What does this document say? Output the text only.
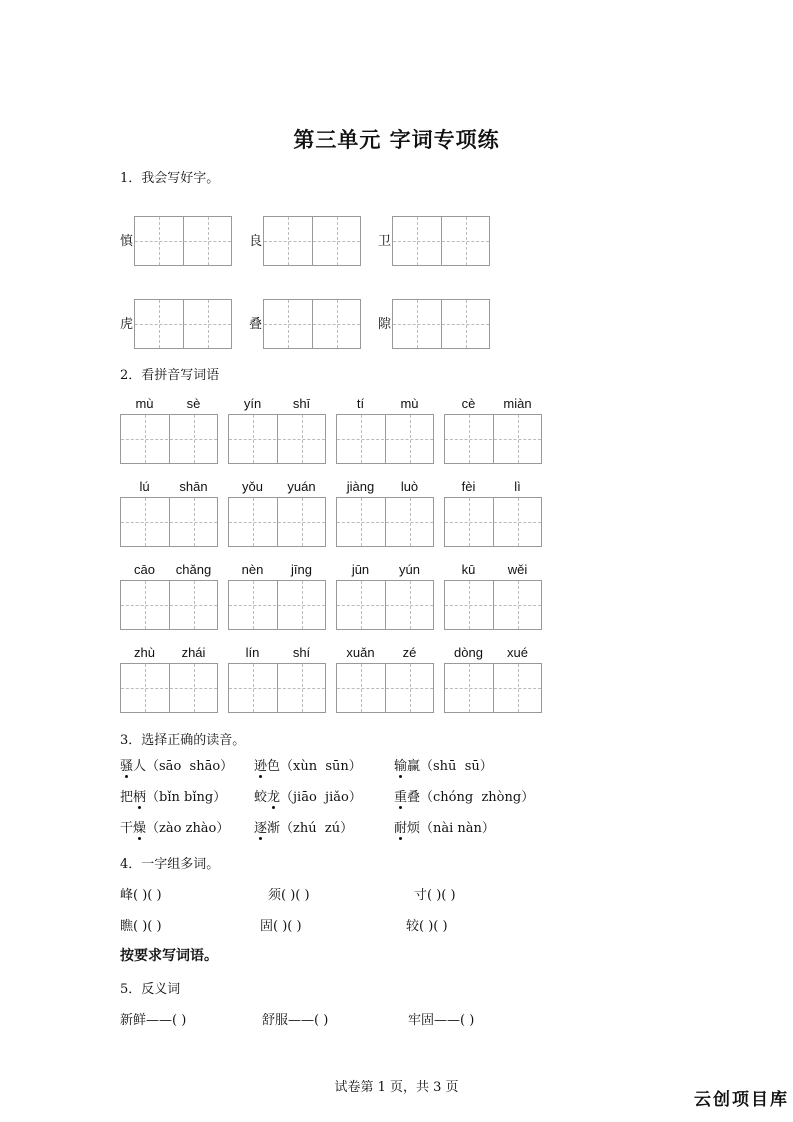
第三单元 字词专项练
1．我会写好字。
慎	良	卫
虎	叠	隙
2．看拼音写词语
mù	sè	yín	shī	tí	mù	cè	miàn
lú	shān	yǒu	yuán	jiàng	luò	fèi	lì
cāo	chǎng	nèn	jīng	jūn	yún	kū	wěi
zhù	zhái	lín	shí	xuǎn	zé	dòng	xué
3．选择正确的读音。
骚人（sāo  shāo） 逊色（xùn  sūn） 输赢（shū  sū）
把柄（bǐn bǐng） 蛟龙（jiāo  jiǎo） 重叠（chóng  zhòng）
干燥（zào zhào） 逐渐（zhú  zú）	耐烦（nài nàn）
4．一字组多词。
峰( )( )	须( )( )	寸( )( )
瞧( )( )	固( )( )	较( )( )
按要求写词语。
5．反义词
新鲜——( )	舒服——( )	牢固——( )
试卷第 1 页，共 3 页
云创项目库
